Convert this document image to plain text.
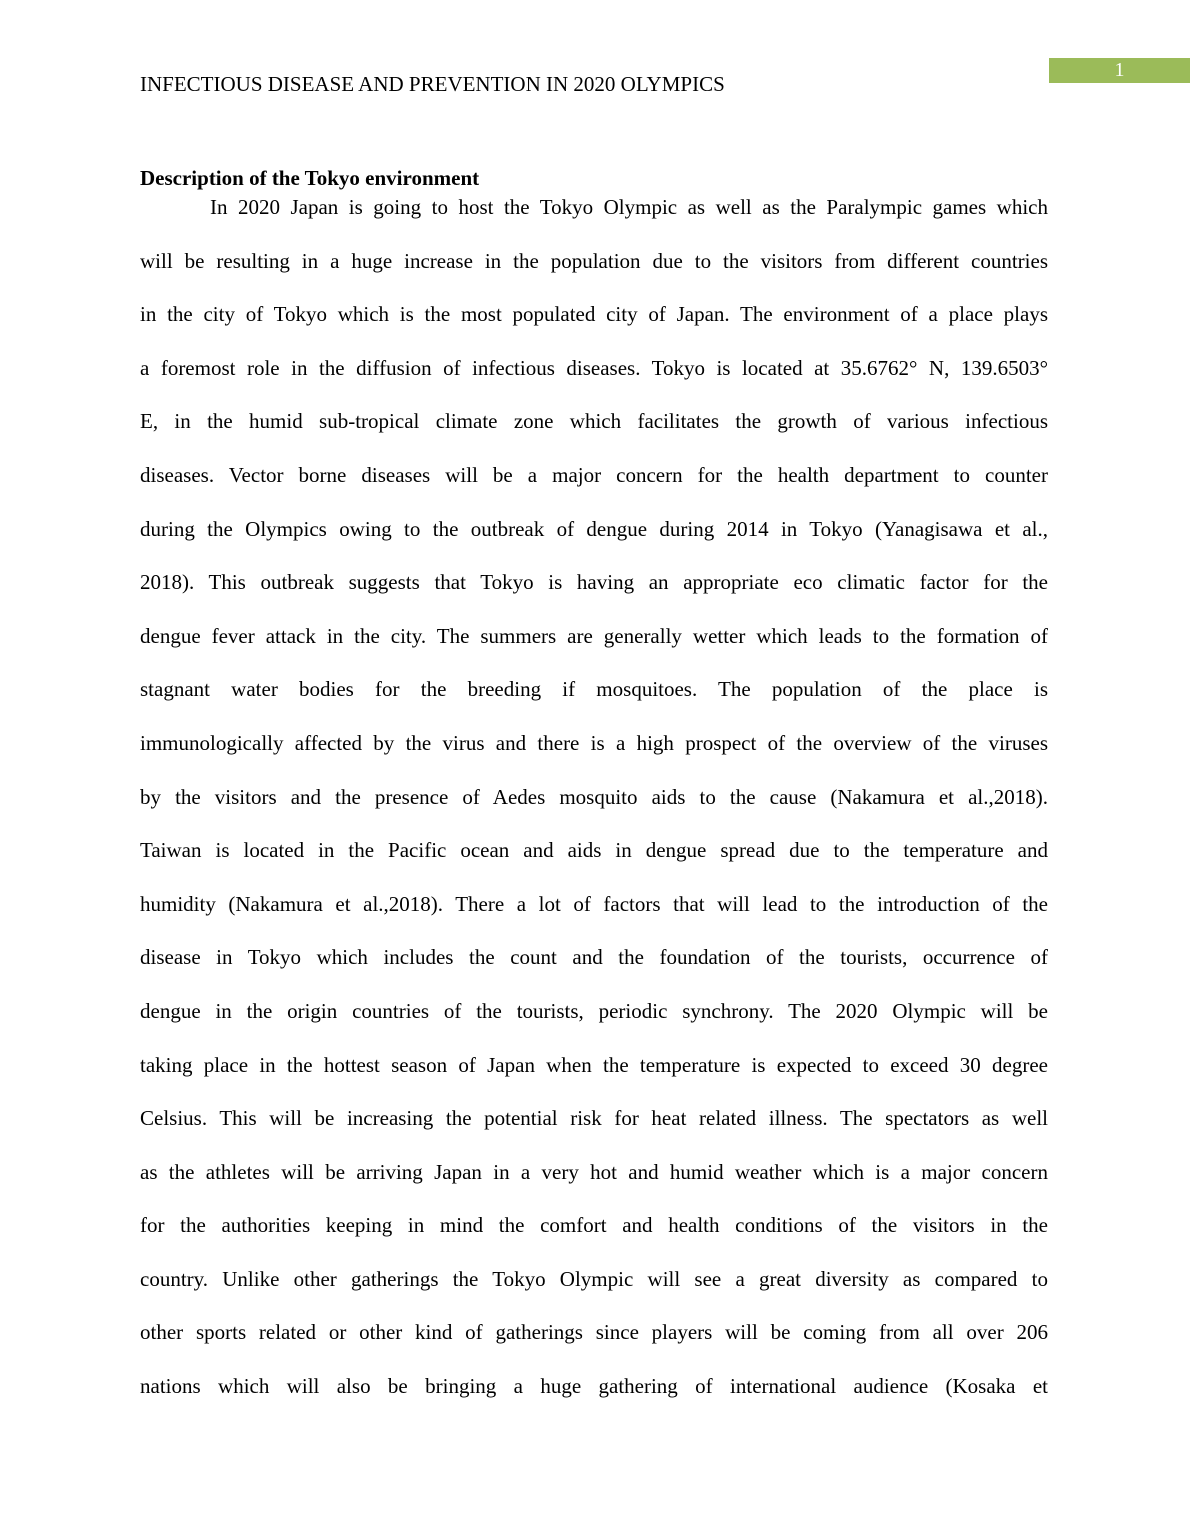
1
INFECTIOUS DISEASE AND PREVENTION IN 2020 OLYMPICS
Description of the Tokyo environment
In 2020 Japan is going to host the Tokyo Olympic as well as the Paralympic games which
will be resulting in a huge increase in the population due to the visitors from different countries
in the city of Tokyo which is the most populated city of Japan. The environment of a place plays
a foremost role in the diffusion of infectious diseases. Tokyo is located at 35.6762° N, 139.6503°
E, in the humid sub-tropical climate zone which facilitates the growth of various infectious
diseases. Vector borne diseases will be a major concern for the health department to counter
during the Olympics owing to the outbreak of dengue during 2014 in Tokyo (Yanagisawa et al.,
2018). This outbreak suggests that Tokyo is having an appropriate eco climatic factor for the
dengue fever attack in the city. The summers are generally wetter which leads to the formation of
stagnant water bodies for the breeding if mosquitoes. The population of the place is
immunologically affected by the virus and there is a high prospect of the overview of the viruses
by the visitors and the presence of Aedes mosquito aids to the cause (Nakamura et al.,2018).
Taiwan is located in the Pacific ocean and aids in dengue spread due to the temperature and
humidity (Nakamura et al.,2018). There a lot of factors that will lead to the introduction of the
disease in Tokyo which includes the count and the foundation of the tourists, occurrence of
dengue in the origin countries of the tourists, periodic synchrony. The 2020 Olympic will be
taking place in the hottest season of Japan when the temperature is expected to exceed 30 degree
Celsius. This will be increasing the potential risk for heat related illness. The spectators as well
as the athletes will be arriving Japan in a very hot and humid weather which is a major concern
for the authorities keeping in mind the comfort and health conditions of the visitors in the
country. Unlike other gatherings the Tokyo Olympic will see a great diversity as compared to
other sports related or other kind of gatherings since players will be coming from all over 206
nations which will also be bringing a huge gathering of international audience (Kosaka et
